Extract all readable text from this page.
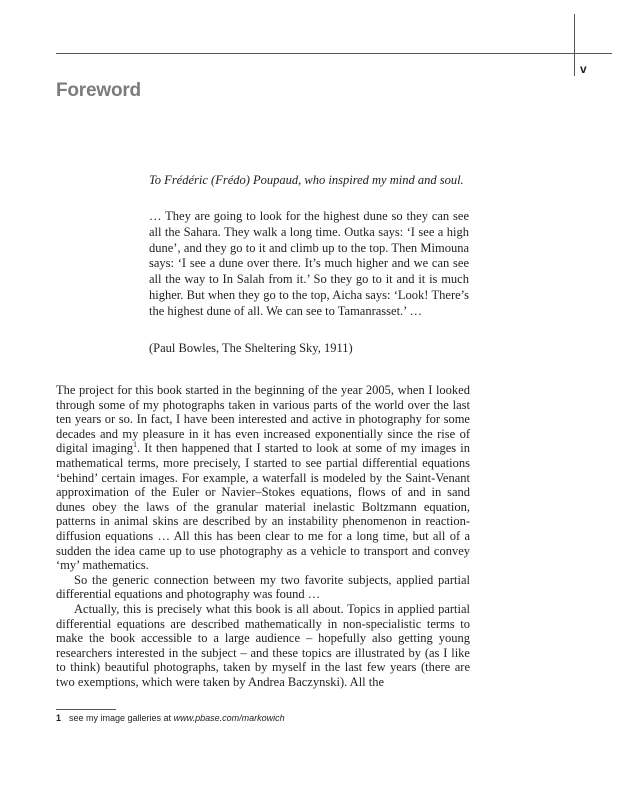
v
Foreword
To Frédéric (Frédo) Poupaud, who inspired my mind and soul.

… They are going to look for the highest dune so they can see all the Sahara. They walk a long time. Outka says: ‘I see a high dune’, and they go to it and climb up to the top. Then Mimouna says: ‘I see a dune over there. It’s much higher and we can see all the way to In Salah from it.’ So they go to it and it is much higher. But when they go to the top, Aicha says: ‘Look! There’s the highest dune of all. We can see to Tamanrasset.’ …

(Paul Bowles, The Sheltering Sky, 1911)

The project for this book started in the beginning of the year 2005, when I looked through some of my photographs taken in various parts of the world over the last ten years or so. In fact, I have been interested and active in photography for some decades and my pleasure in it has even increased exponentially since the rise of digital imaging$^1$. It then happened that I started to look at some of my images in mathematical terms, more precisely, I started to see partial differential equations ‘behind’ certain images. For example, a waterfall is modeled by the Saint-Venant approximation of the Euler or Navier–Stokes equations, flows of and in sand dunes obey the laws of the granular material inelastic Boltzmann equation, patterns in animal skins are described by an instability phenomenon in reaction-diffusion equations … All this has been clear to me for a long time, but all of a sudden the idea came up to use photography as a vehicle to transport and convey ‘my’ mathematics.

So the generic connection between my two favorite subjects, applied partial differential equations and photography was found …

Actually, this is precisely what this book is all about. Topics in applied partial differential equations are described mathematically in non-specialistic terms to make the book accessible to a large audience – hopefully also getting young researchers interested in the subject – and these topics are illustrated by (as I like to think) beautiful photographs, taken by myself in the last few years (there are two exemptions, which were taken by Andrea Baczynski). All the

1 see my image galleries at www.pbase.com/markowich
